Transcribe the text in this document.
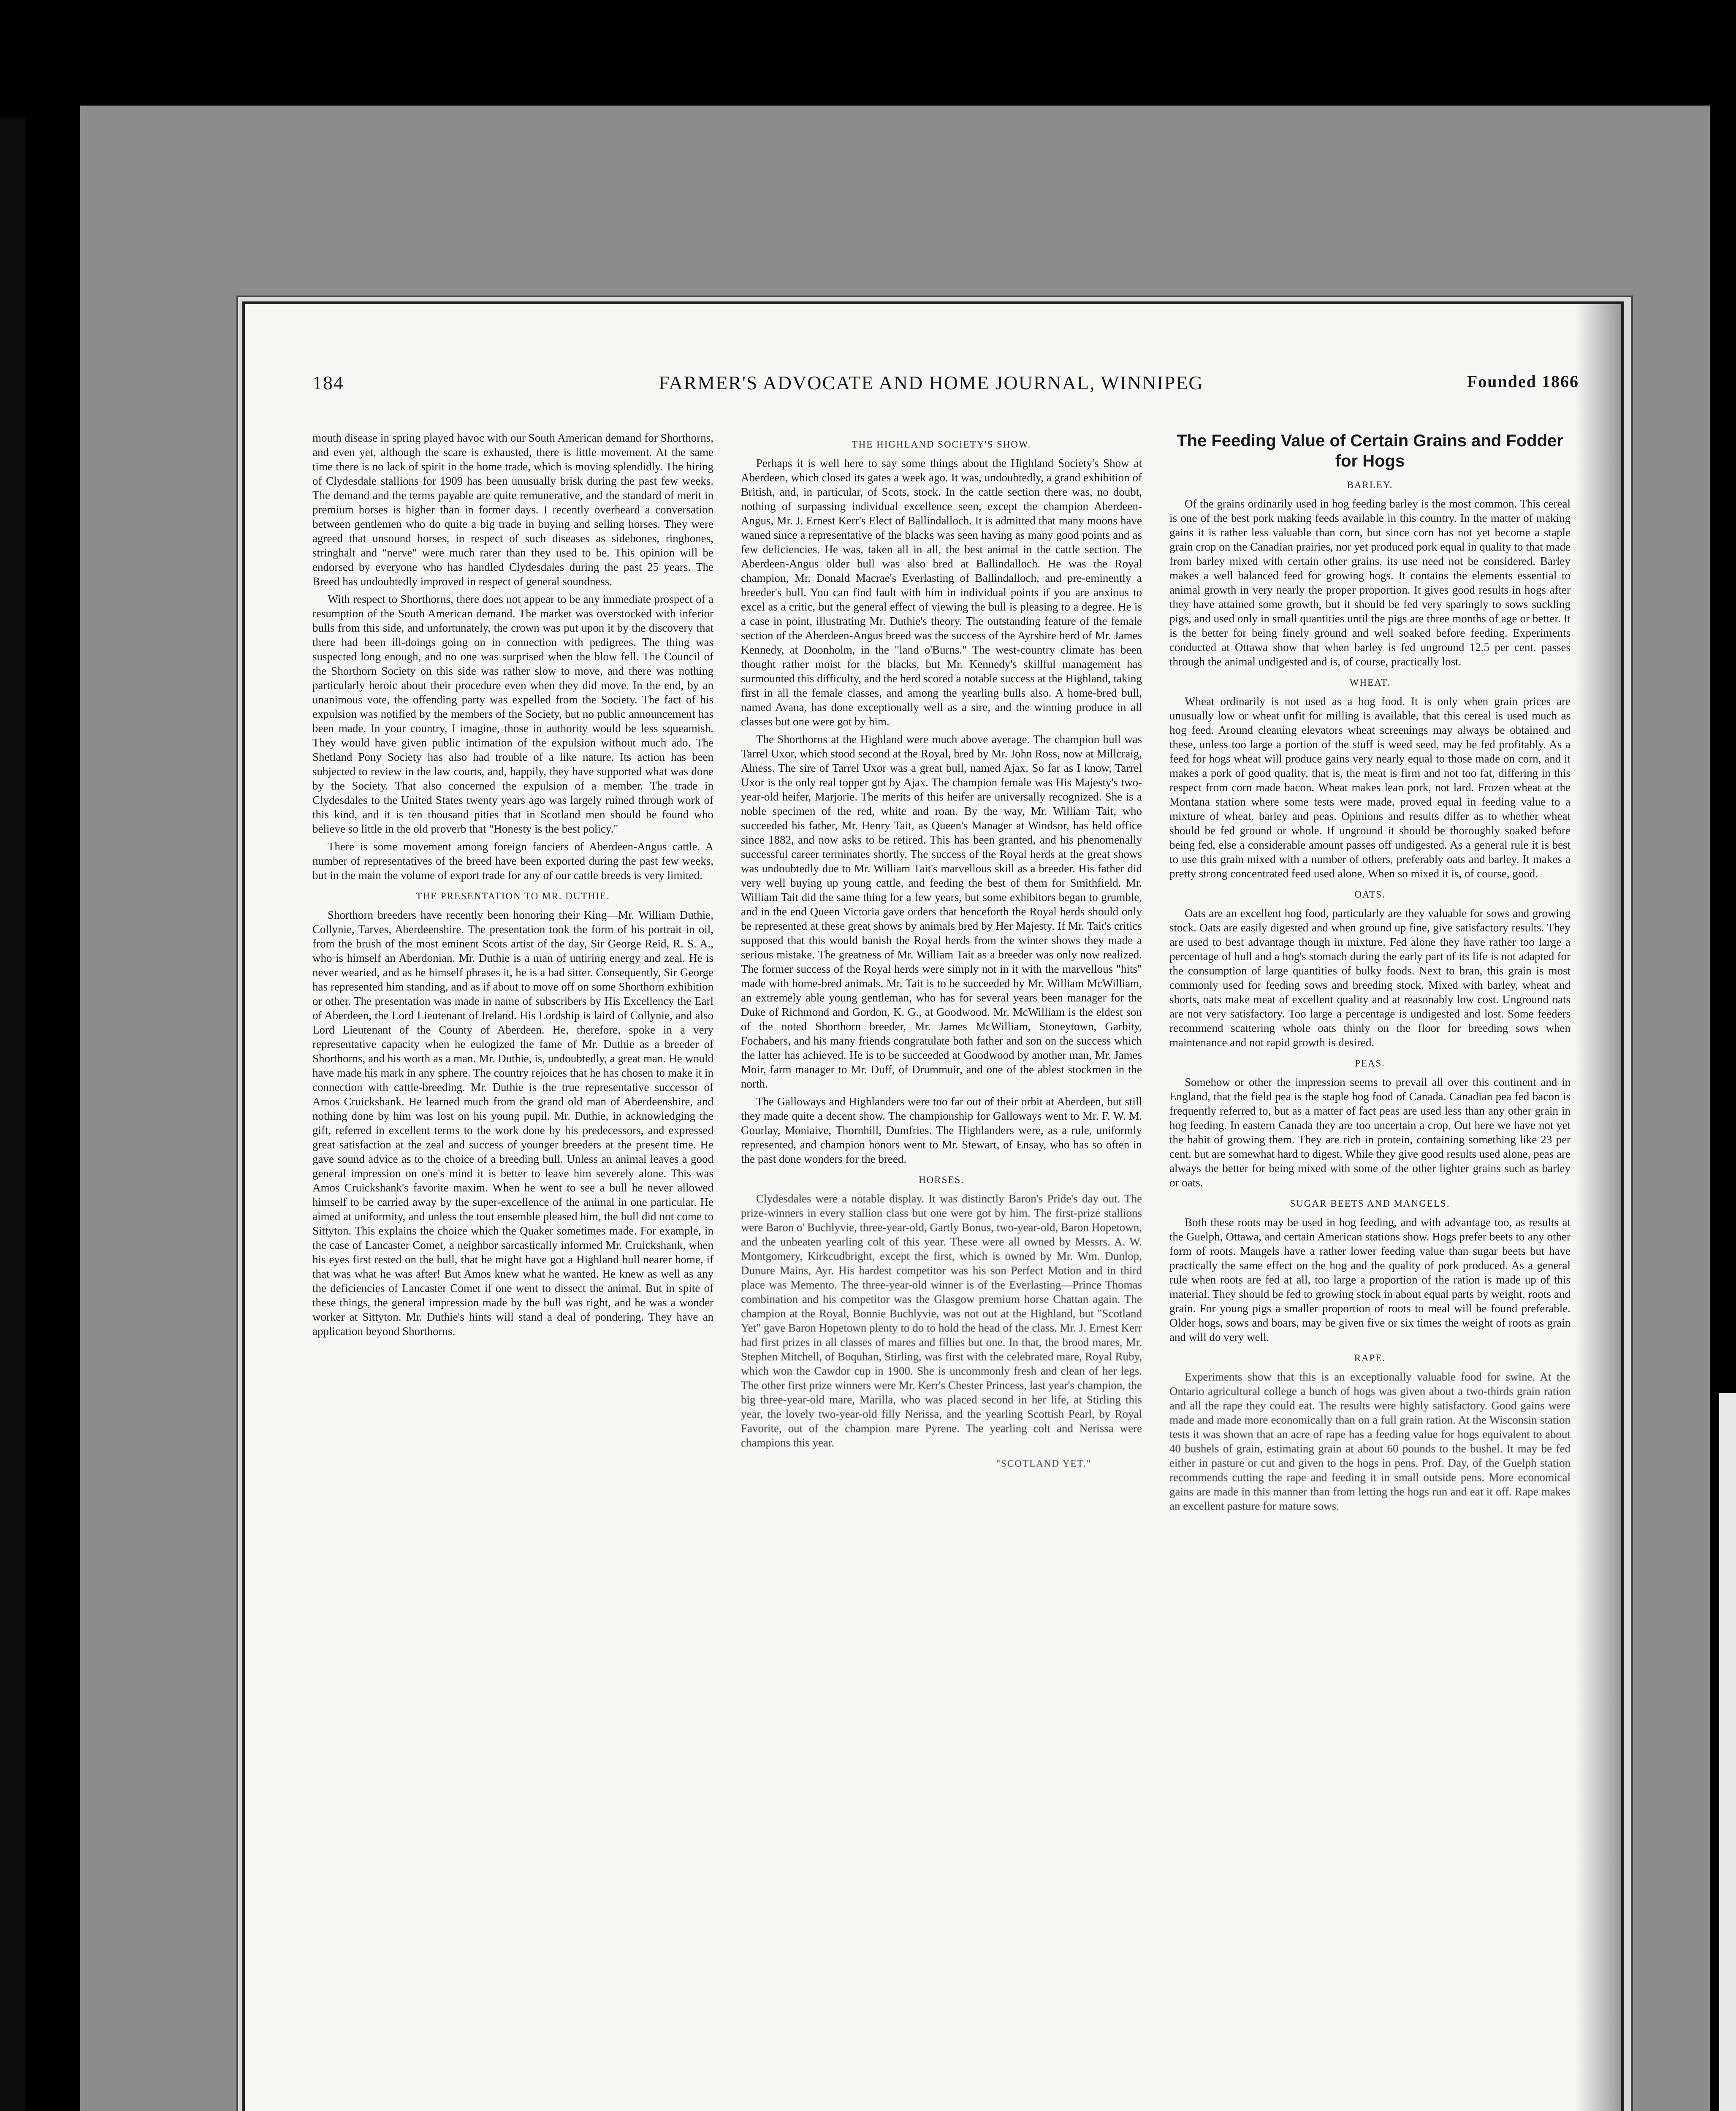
184	FARMER'S ADVOCATE AND HOME JOURNAL, WINNIPEG	Founded 1866

mouth disease in spring played havoc with our South American demand for Shorthorns, and even yet, although the scare is exhausted, there is little movement. At the same time there is no lack of spirit in the home trade, which is moving splendidly. The hiring of Clydesdale stallions for 1909 has been unusually brisk during the past few weeks. The demand and the terms payable are quite remunerative, and the standard of merit in premium horses is higher than in former days. I recently overheard a conversation between gentlemen who do quite a big trade in buying and selling horses. They were agreed that unsound horses, in respect of such diseases as sidebones, ringbones, stringhalt and "nerve" were much rarer than they used to be. This opinion will be endorsed by everyone who has handled Clydesdales during the past 25 years. The Breed has undoubtedly improved in respect of general soundness.

With respect to Shorthorns, there does not appear to be any immediate prospect of a resumption of the South American demand. The market was overstocked with inferior bulls from this side, and unfortunately, the crown was put upon it by the discovery that there had been ill-doings going on in connection with pedigrees. The thing was suspected long enough, and no one was surprised when the blow fell. The Council of the Shorthorn Society on this side was rather slow to move, and there was nothing particularly heroic about their procedure even when they did move. In the end, by an unanimous vote, the offending party was expelled from the Society. The fact of his expulsion was notified by the members of the Society, but no public announcement has been made. In your country, I imagine, those in authority would be less squeamish. They would have given public intimation of the expulsion without much ado. The Shetland Pony Society has also had trouble of a like nature. Its action has been subjected to review in the law courts, and, happily, they have supported what was done by the Society. That also concerned the expulsion of a member. The trade in Clydesdales to the United States twenty years ago was largely ruined through work of this kind, and it is ten thousand pities that in Scotland men should be found who believe so little in the old proverb that "Honesty is the best policy."

There is some movement among foreign fanciers of Aberdeen-Angus cattle. A number of representatives of the breed have been exported during the past few weeks, but in the main the volume of export trade for any of our cattle breeds is very limited.

THE PRESENTATION TO MR. DUTHIE.

Shorthorn breeders have recently been honoring their King—Mr. William Duthie, Collynie, Tarves, Aberdeenshire. The presentation took the form of his portrait in oil, from the brush of the most eminent Scots artist of the day, Sir George Reid, R. S. A., who is himself an Aberdonian. Mr. Duthie is a man of untiring energy and zeal. He is never wearied, and as he himself phrases it, he is a bad sitter. Consequently, Sir George has represented him standing, and as if about to move off on some Shorthorn exhibition or other. The presentation was made in name of subscribers by His Excellency the Earl of Aberdeen, the Lord Lieutenant of Ireland. His Lordship is laird of Collynie, and also Lord Lieutenant of the County of Aberdeen. He, therefore, spoke in a very representative capacity when he eulogized the fame of Mr. Duthie as a breeder of Shorthorns, and his worth as a man. Mr. Duthie, is, undoubtedly, a great man. He would have made his mark in any sphere. The country rejoices that he has chosen to make it in connection with cattle-breeding. Mr. Duthie is the true representative successor of Amos Cruickshank. He learned much from the grand old man of Aberdeenshire, and nothing done by him was lost on his young pupil. Mr. Duthie, in acknowledging the gift, referred in excellent terms to the work done by his predecessors, and expressed great satisfaction at the zeal and success of younger breeders at the present time. He gave sound advice as to the choice of a breeding bull. Unless an animal leaves a good general impression on one's mind it is better to leave him severely alone. This was Amos Cruickshank's favorite maxim. When he went to see a bull he never allowed himself to be carried away by the super-excellence of the animal in one particular. He aimed at uniformity, and unless the tout ensemble pleased him, the bull did not come to Sittyton. This explains the choice which the Quaker sometimes made. For example, in the case of Lancaster Comet, a neighbor sarcastically informed Mr. Cruickshank, when his eyes first rested on the bull, that he might have got a Highland bull nearer home, if that was what he was after! But Amos knew what he wanted. He knew as well as any the deficiencies of Lancaster Comet if one went to dissect the animal. But in spite of these things, the general impression made by the bull was right, and he was a wonder worker at Sittyton. Mr. Duthie's hints will stand a deal of pondering. They have an application beyond Shorthorns.

THE HIGHLAND SOCIETY'S SHOW.

Perhaps it is well here to say some things about the Highland Society's Show at Aberdeen, which closed its gates a week ago. It was, undoubtedly, a grand exhibition of British, and, in particular, of Scots, stock. In the cattle section there was, no doubt, nothing of surpassing individual excellence seen, except the champion Aberdeen-Angus, Mr. J. Ernest Kerr's Elect of Ballindalloch. It is admitted that many moons have waned since a representative of the blacks was seen having as many good points and as few deficiencies. He was, taken all in all, the best animal in the cattle section. The Aberdeen-Angus older bull was also bred at Ballindalloch. He was the Royal champion, Mr. Donald Macrae's Everlasting of Ballindalloch, and pre-eminently a breeder's bull. You can find fault with him in individual points if you are anxious to excel as a critic, but the general effect of viewing the bull is pleasing to a degree. He is a case in point, illustrating Mr. Duthie's theory. The outstanding feature of the female section of the Aberdeen-Angus breed was the success of the Ayrshire herd of Mr. James Kennedy, at Doonholm, in the "land o'Burns." The west-country climate has been thought rather moist for the blacks, but Mr. Kennedy's skillful management has surmounted this difficulty, and the herd scored a notable success at the Highland, taking first in all the female classes, and among the yearling bulls also. A home-bred bull, named Avana, has done exceptionally well as a sire, and the winning produce in all classes but one were got by him.

The Shorthorns at the Highland were much above average. The champion bull was Tarrel Uxor, which stood second at the Royal, bred by Mr. John Ross, now at Millcraig, Alness. The sire of Tarrel Uxor was a great bull, named Ajax. So far as I know, Tarrel Uxor is the only real topper got by Ajax. The champion female was His Majesty's two-year-old heifer, Marjorie. The merits of this heifer are universally recognized. She is a noble specimen of the red, white and roan. By the way, Mr. William Tait, who succeeded his father, Mr. Henry Tait, as Queen's Manager at Windsor, has held office since 1882, and now asks to be retired. This has been granted, and his phenomenally successful career terminates shortly. The success of the Royal herds at the great shows was undoubtedly due to Mr. William Tait's marvellous skill as a breeder. His father did very well buying up young cattle, and feeding the best of them for Smithfield. Mr. William Tait did the same thing for a few years, but some exhibitors began to grumble, and in the end Queen Victoria gave orders that henceforth the Royal herds should only be represented at these great shows by animals bred by Her Majesty. If Mr. Tait's critics supposed that this would banish the Royal herds from the winter shows they made a serious mistake. The greatness of Mr. William Tait as a breeder was only now realized. The former success of the Royal herds were simply not in it with the marvellous "hits" made with home-bred animals. Mr. Tait is to be succeeded by Mr. William McWilliam, an extremely able young gentleman, who has for several years been manager for the Duke of Richmond and Gordon, K. G., at Goodwood. Mr. McWilliam is the eldest son of the noted Shorthorn breeder, Mr. James McWilliam, Stoneytown, Garbity, Fochabers, and his many friends congratulate both father and son on the success which the latter has achieved. He is to be succeeded at Goodwood by another man, Mr. James Moir, farm manager to Mr. Duff, of Drummuir, and one of the ablest stockmen in the north.

The Galloways and Highlanders were too far out of their orbit at Aberdeen, but still they made quite a decent show. The championship for Galloways went to Mr. F. W. M. Gourlay, Moniaive, Thornhill, Dumfries. The Highlanders were, as a rule, uniformly represented, and champion honors went to Mr. Stewart, of Ensay, who has so often in the past done wonders for the breed.

HORSES.

Clydesdales were a notable display. It was distinctly Baron's Pride's day out. The prize-winners in every stallion class but one were got by him. The first-prize stallions were Baron o' Buchlyvie, three-year-old, Gartly Bonus, two-year-old, Baron Hopetown, and the unbeaten yearling colt of this year. These were all owned by Messrs. A. W. Montgomery, Kirkcudbright, except the first, which is owned by Mr. Wm. Dunlop, Dunure Mains, Ayr. His hardest competitor was his son Perfect Motion and in third place was Memento. The three-year-old winner is of the Everlasting—Prince Thomas combination and his competitor was the Glasgow premium horse Chattan again. The champion at the Royal, Bonnie Buchlyvie, was not out at the Highland, but "Scotland Yet" gave Baron Hopetown plenty to do to hold the head of the class. Mr. J. Ernest Kerr had first prizes in all classes of mares and fillies but one. In that, the brood mares, Mr. Stephen Mitchell, of Boquhan, Stirling, was first with the celebrated mare, Royal Ruby, which won the Cawdor cup in 1900. She is uncommonly fresh and clean of her legs. The other first prize winners were Mr. Kerr's Chester Princess, last year's champion, the big three-year-old mare, Marilla, who was placed second in her life, at Stirling this year, the lovely two-year-old filly Nerissa, and the yearling Scottish Pearl, by Royal Favorite, out of the champion mare Pyrene. The yearling colt and Nerissa were champions this year.

"SCOTLAND YET."
The Feeding Value of Certain Grains and Fodder for Hogs
BARLEY.

Of the grains ordinarily used in hog feeding barley is the most common. This cereal is one of the best pork making feeds available in this country. In the matter of making gains it is rather less valuable than corn, but since corn has not yet become a staple grain crop on the Canadian prairies, nor yet produced pork equal in quality to that made from barley mixed with certain other grains, its use need not be considered. Barley makes a well balanced feed for growing hogs. It contains the elements essential to animal growth in very nearly the proper proportion. It gives good results in hogs after they have attained some growth, but it should be fed very sparingly to sows suckling pigs, and used only in small quantities until the pigs are three months of age or better. It is the better for being finely ground and well soaked before feeding. Experiments conducted at Ottawa show that when barley is fed unground 12.5 per cent. passes through the animal undigested and is, of course, practically lost.

WHEAT.

Wheat ordinarily is not used as a hog food. It is only when grain prices are unusually low or wheat unfit for milling is available, that this cereal is used much as hog feed. Around cleaning elevators wheat screenings may always be obtained and these, unless too large a portion of the stuff is weed seed, may be fed profitably. As a feed for hogs wheat will produce gains very nearly equal to those made on corn, and it makes a pork of good quality, that is, the meat is firm and not too fat, differing in this respect from corn made bacon. Wheat makes lean pork, not lard. Frozen wheat at the Montana station where some tests were made, proved equal in feeding value to a mixture of wheat, barley and peas. Opinions and results differ as to whether wheat should be fed ground or whole. If unground it should be thoroughly soaked before being fed, else a considerable amount passes off undigested. As a general rule it is best to use this grain mixed with a number of others, preferably oats and barley. It makes a pretty strong concentrated feed used alone. When so mixed it is, of course, good.

OATS.

Oats are an excellent hog food, particularly are they valuable for sows and growing stock. Oats are easily digested and when ground up fine, give satisfactory results. They are used to best advantage though in mixture. Fed alone they have rather too large a percentage of hull and a hog's stomach during the early part of its life is not adapted for the consumption of large quantities of bulky foods. Next to bran, this grain is most commonly used for feeding sows and breeding stock. Mixed with barley, wheat and shorts, oats make meat of excellent quality and at reasonably low cost. Unground oats are not very satisfactory. Too large a percentage is undigested and lost. Some feeders recommend scattering whole oats thinly on the floor for breeding sows when maintenance and not rapid growth is desired.

PEAS.

Somehow or other the impression seems to prevail all over this continent and in England, that the field pea is the staple hog food of Canada. Canadian pea fed bacon is frequently referred to, but as a matter of fact peas are used less than any other grain in hog feeding. In eastern Canada they are too uncertain a crop. Out here we have not yet the habit of growing them. They are rich in protein, containing something like 23 per cent. but are somewhat hard to digest. While they give good results used alone, peas are always the better for being mixed with some of the other lighter grains such as barley or oats.

SUGAR BEETS AND MANGELS.

Both these roots may be used in hog feeding, and with advantage too, as results at the Guelph, Ottawa, and certain American stations show. Hogs prefer beets to any other form of roots. Mangels have a rather lower feeding value than sugar beets but have practically the same effect on the hog and the quality of pork produced. As a general rule when roots are fed at all, too large a proportion of the ration is made up of this material. They should be fed to growing stock in about equal parts by weight, roots and grain. For young pigs a smaller proportion of roots to meal will be found preferable. Older hogs, sows and boars, may be given five or six times the weight of roots as grain and will do very well.

RAPE.

Experiments show that this is an exceptionally valuable food for swine. At the Ontario agricultural college a bunch of hogs was given about a two-thirds grain ration and all the rape they could eat. The results were highly satisfactory. Good gains were made and made more economically than on a full grain ration. At the Wisconsin station tests it was shown that an acre of rape has a feeding value for hogs equivalent to about 40 bushels of grain, estimating grain at about 60 pounds to the bushel. It may be fed either in pasture or cut and given to the hogs in pens. Prof. Day, of the Guelph station recommends cutting the rape and feeding it in small outside pens. More economical gains are made in this manner than from letting the hogs run and eat it off. Rape makes an excellent pasture for mature sows.
